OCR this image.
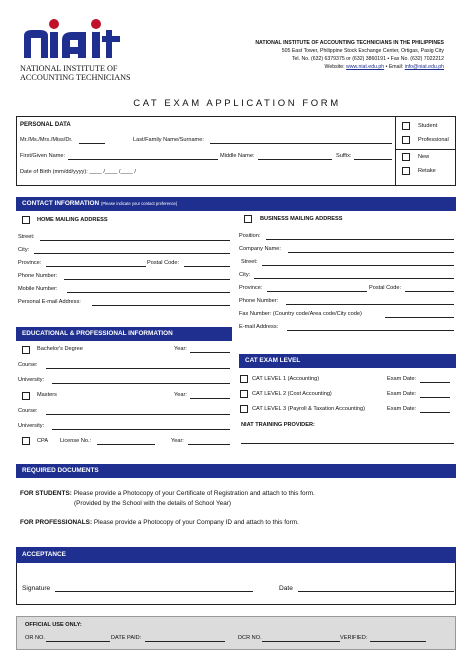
NATIONAL INSTITUTE OF
ACCOUNTING TECHNICIANS
NATIONAL INSTITUTE OF ACCOUNTING TECHNICIANS IN THE PHILIPPINES
505 East Tower, Philippine Stock Exchange Center, Ortigas, Pasig City
Tel. No. (632) 6379375 or (632) 3860191 • Fax No. (632) 7022212
Website: www.niat.edu.ph • Email: info@niat.edu.ph
CAT EXAM APPLICATION FORM
PERSONAL DATA
Mr./Ms./Mrs./Miss/Dr.	Last/Family Name/Surname:
First/Given Name:	Middle Name:	Suffix:
Date of Birth (mm/dd/yyyy): ____ /____ /____ /
Student
Professional
New
Retake
CONTACT INFORMATION (Please indicate your contact preference)
HOME MAILING ADDRESS	BUSINESS MAILING ADDRESS
Street:
City:
Province:	Postal Code:
Phone Number:
Mobile Number:
Personal E-mail Address:
Position:
Company Name:
Street:
City:
Province:	Postal Code:
Phone Number:
Fax Number: (Country code/Area code/City code)
E-mail Address:
EDUCATIONAL & PROFESSIONAL INFORMATION
Bachelor's Degree	Year:
Course:
University:
Masters	Year:
Course:
University:
CPA License No.:	Year:
CAT EXAM LEVEL
CAT LEVEL 1 (Accounting)	Exam Date:
CAT LEVEL 2 (Cost Accounting)	Exam Date:
CAT LEVEL 3 (Payroll & Taxation Accounting)	Exam Date:
NIAT TRAINING PROVIDER:
REQUIRED DOCUMENTS
FOR STUDENTS: Please provide a Photocopy of your Certificate of Registration and attach to this form.
(Provided by the School with the details of School Year)
FOR PROFESSIONALS: Please provide a Photocopy of your Company ID and attach to this form.
ACCEPTANCE
Signature	Date
OFFICIAL USE ONLY:
OR NO.	DATE PAID:	DCR NO.	VERIFIED:
